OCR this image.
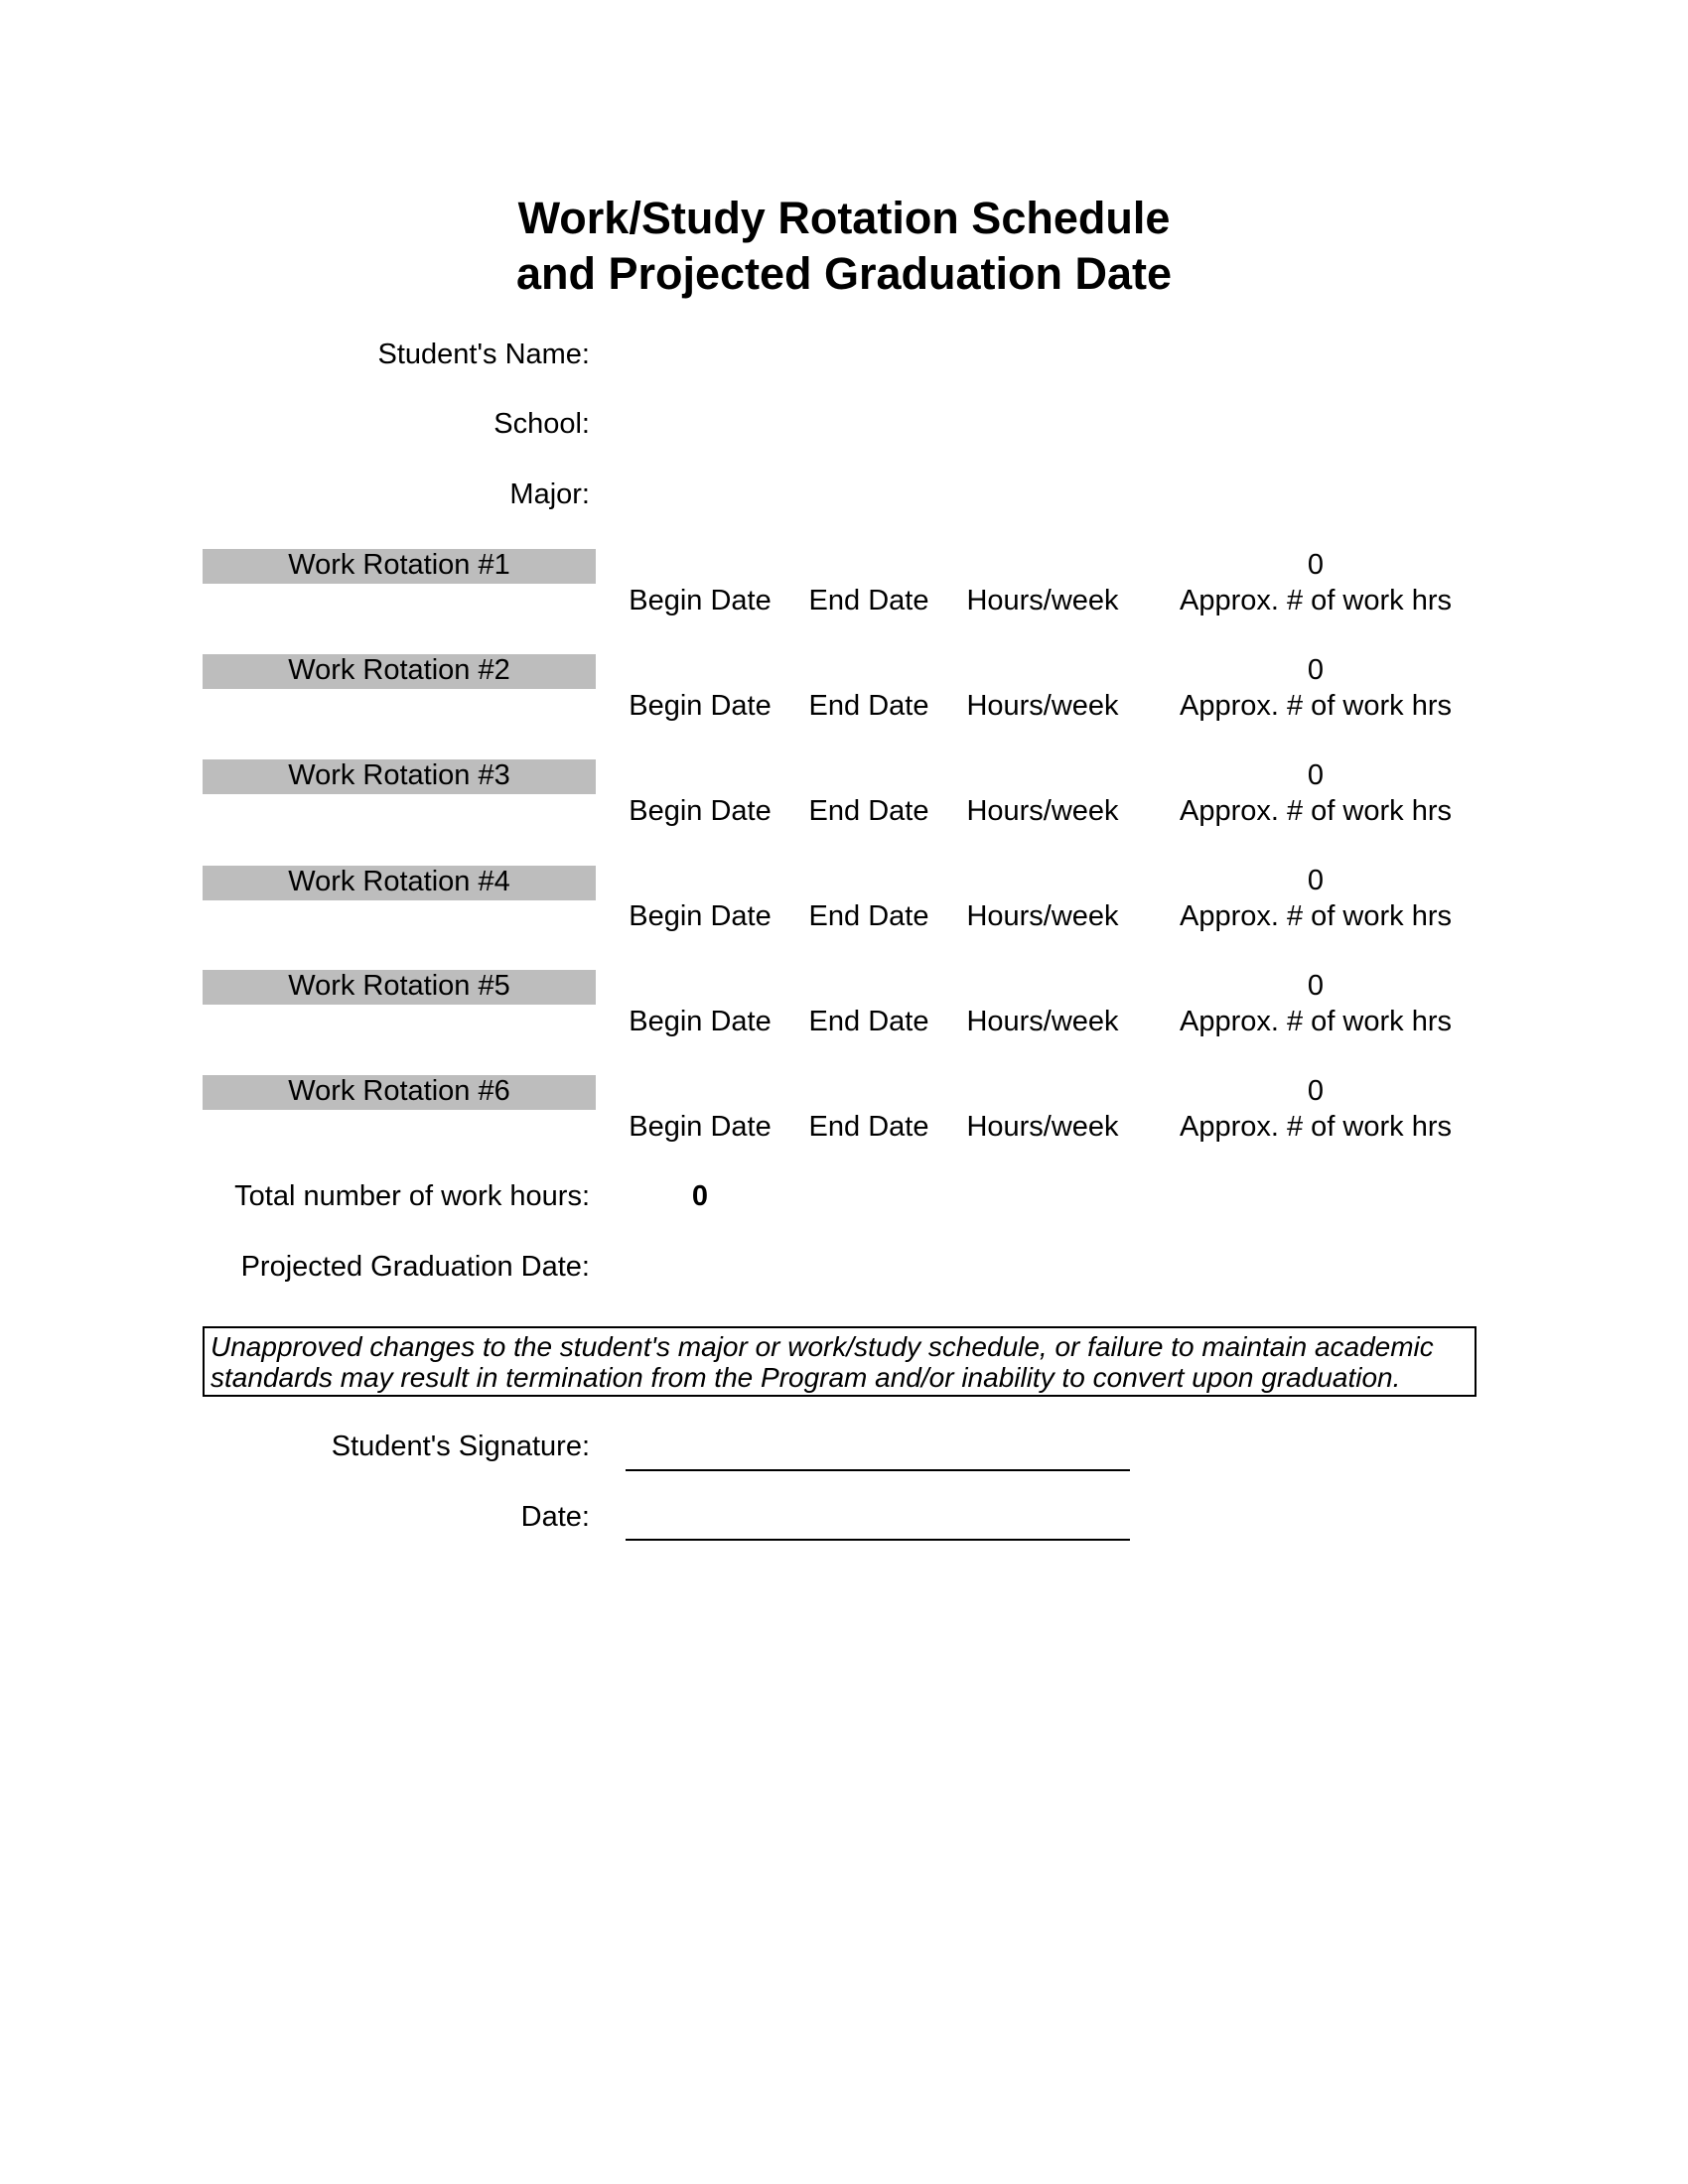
Work/Study Rotation Schedule
and Projected Graduation Date
Student's Name:
School:
Major:
Work Rotation #1	0
Begin Date	End Date	Hours/week	Approx. # of work hrs
Work Rotation #2	0
Begin Date	End Date	Hours/week	Approx. # of work hrs
Work Rotation #3	0
Begin Date	End Date	Hours/week	Approx. # of work hrs
Work Rotation #4	0
Begin Date	End Date	Hours/week	Approx. # of work hrs
Work Rotation #5	0
Begin Date	End Date	Hours/week	Approx. # of work hrs
Work Rotation #6	0
Begin Date	End Date	Hours/week	Approx. # of work hrs
Total number of work hours:	0
Projected Graduation Date:
Unapproved changes to the student's major or work/study schedule, or failure to maintain academic standards may result in termination from the Program and/or inability to convert upon graduation.
Student's Signature:
Date:
